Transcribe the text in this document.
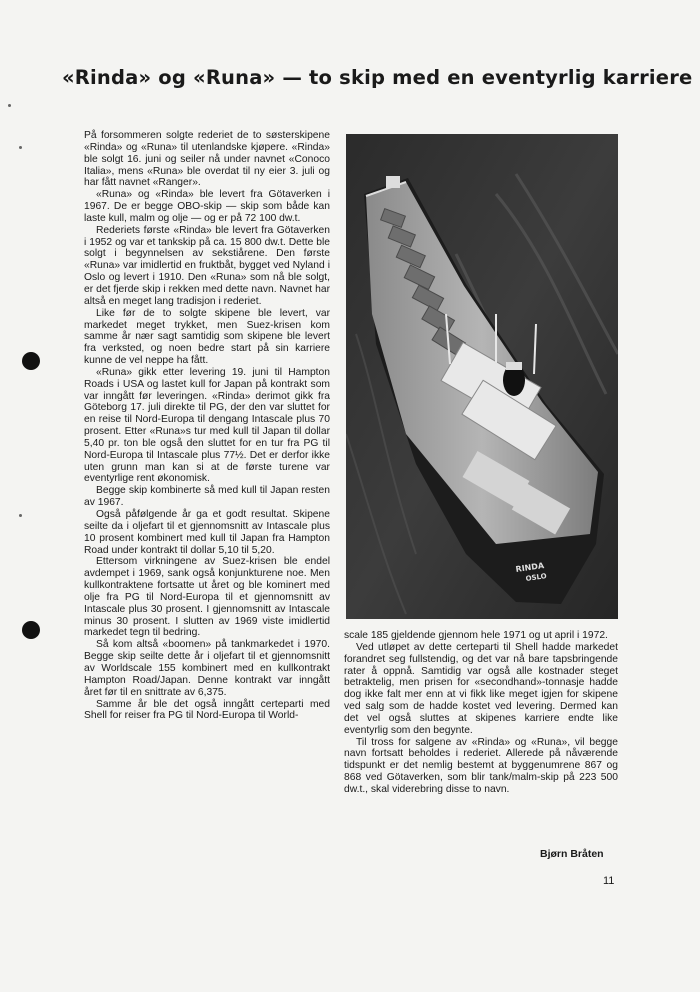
«Rinda» og «Runa» — to skip med en eventyrlig karriere

På forsommeren solgte rederiet de to søsterskipene «Rinda» og «Runa» til utenlandske kjøpere. «Rinda» ble solgt 16. juni og seiler nå under navnet «Conoco Italia», mens «Runa» ble overdat til ny eier 3. juli og har fått navnet «Ranger».

«Runa» og «Rinda» ble levert fra Götaverken i 1967. De er begge OBO-skip — skip som både kan laste kull, malm og olje — og er på 72 100 dw.t.

Rederiets første «Rinda» ble levert fra Götaverken i 1952 og var et tankskip på ca. 15 800 dw.t. Dette ble solgt i begynnelsen av sekstiårene. Den første «Runa» var imidlertid en fruktbåt, bygget ved Nyland i Oslo og levert i 1910. Den «Runa» som nå ble solgt, er det fjerde skip i rekken med dette navn. Navnet har altså en meget lang tradisjon i rederiet.

Like før de to solgte skipene ble levert, var markedet meget trykket, men Suez-krisen kom samme år nær sagt samtidig som skipene ble levert fra verksted, og noen bedre start på sin karriere kunne de vel neppe ha fått.

«Runa» gikk etter levering 19. juni til Hampton Roads i USA og lastet kull for Japan på kontrakt som var inngått før leveringen. «Rinda» derimot gikk fra Göteborg 17. juli direkte til PG, der den var sluttet for en reise til Nord-Europa til dengang Intascale plus 70 prosent. Etter «Runa»s tur med kull til Japan til dollar 5,40 pr. ton ble også den sluttet for en tur fra PG til Nord-Europa til Intascale plus 77½. Det er derfor ikke uten grunn man kan si at de første turene var eventyrlige rent økonomisk.

Begge skip kombinerte så med kull til Japan resten av 1967.

Også påfølgende år ga et godt resultat. Skipene seilte da i oljefart til et gjennomsnitt av Intascale plus 10 prosent kombinert med kull til Japan fra Hampton Road under kontrakt til dollar 5,10 til 5,20.

Ettersom virkningene av Suez-krisen ble endel avdempet i 1969, sank også konjunkturene noe. Men kullkontraktene fortsatte ut året og ble kominert med olje fra PG til Nord-Europa til et gjennomsnitt av Intascale plus 30 prosent. I gjennomsnitt av Intascale minus 30 prosent. I slutten av 1969 viste imidlertid markedet tegn til bedring.

Så kom altså «boomen» på tankmarkedet i 1970. Begge skip seilte dette år i oljefart til et gjennomsnitt av Worldscale 155 kombinert med en kullkontrakt Hampton Road/Japan. Denne kontrakt var inngått året før til en snittrate av 6,375.

Samme år ble det også inngått certeparti med Shell for reiser fra PG til Nord-Europa til World-

RINDA
OSLO

scale 185 gjeldende gjennom hele 1971 og ut april i 1972.

Ved utløpet av dette certeparti til Shell hadde markedet forandret seg fullstendig, og det var nå bare tapsbringende rater å oppnå. Samtidig var også alle kostnader steget betraktelig, men prisen for «secondhand»-tonnasje hadde dog ikke falt mer enn at vi fikk like meget igjen for skipene ved salg som de hadde kostet ved levering. Dermed kan det vel også sluttes at skipenes karriere endte like eventyrlig som den begynte.

Til tross for salgene av «Rinda» og «Runa», vil begge navn fortsatt beholdes i rederiet. Allerede på nåværende tidspunkt er det nemlig bestemt at byggenumrene 867 og 868 ved Götaverken, som blir tank/malm-skip på 223 500 dw.t., skal viderebring disse to navn.

Bjørn Bråten
11
